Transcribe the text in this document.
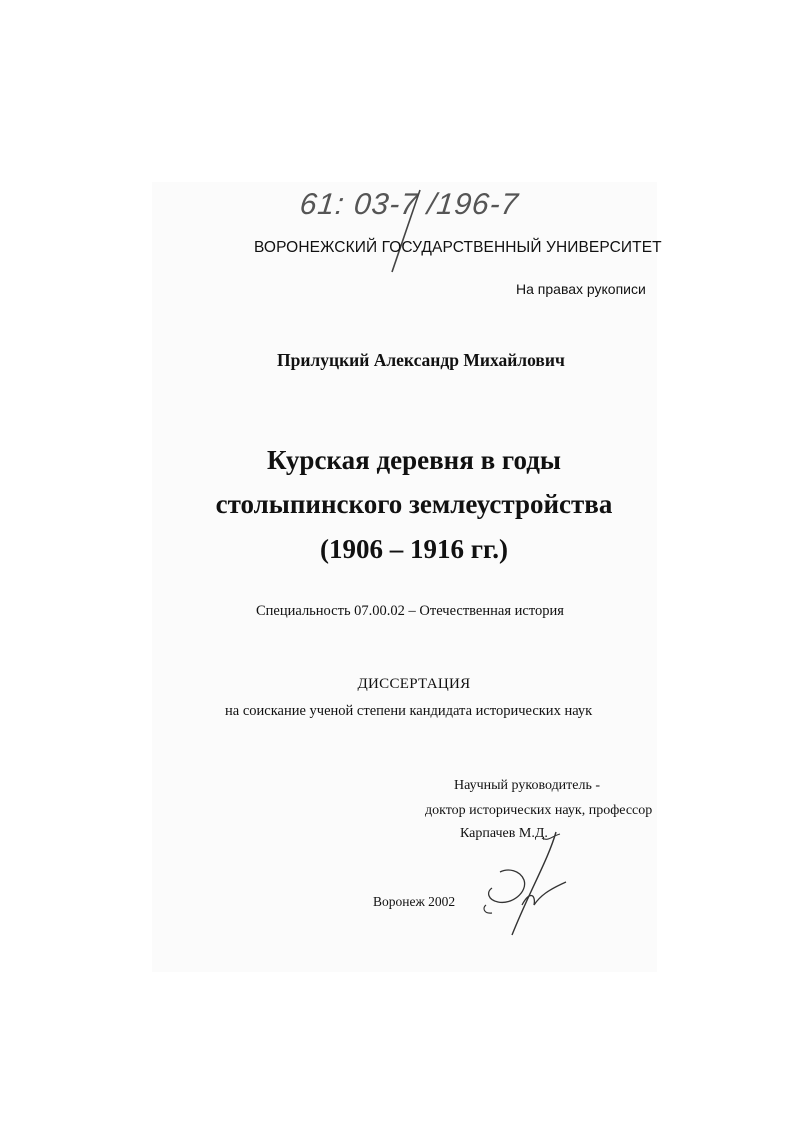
61: 03-7 /196-7
ВОРОНЕЖСКИЙ ГОСУДАРСТВЕННЫЙ УНИВЕРСИТЕТ
На правах рукописи
Прилуцкий Александр Михайлович
Курская деревня в годы
столыпинского землеустройства
(1906 – 1916 гг.)
Специальность 07.00.02 – Отечественная история
ДИССЕРТАЦИЯ
на соискание ученой степени кандидата исторических наук
Научный руководитель -
доктор исторических наук, профессор
Карпачев М.Д.
Воронеж 2002
